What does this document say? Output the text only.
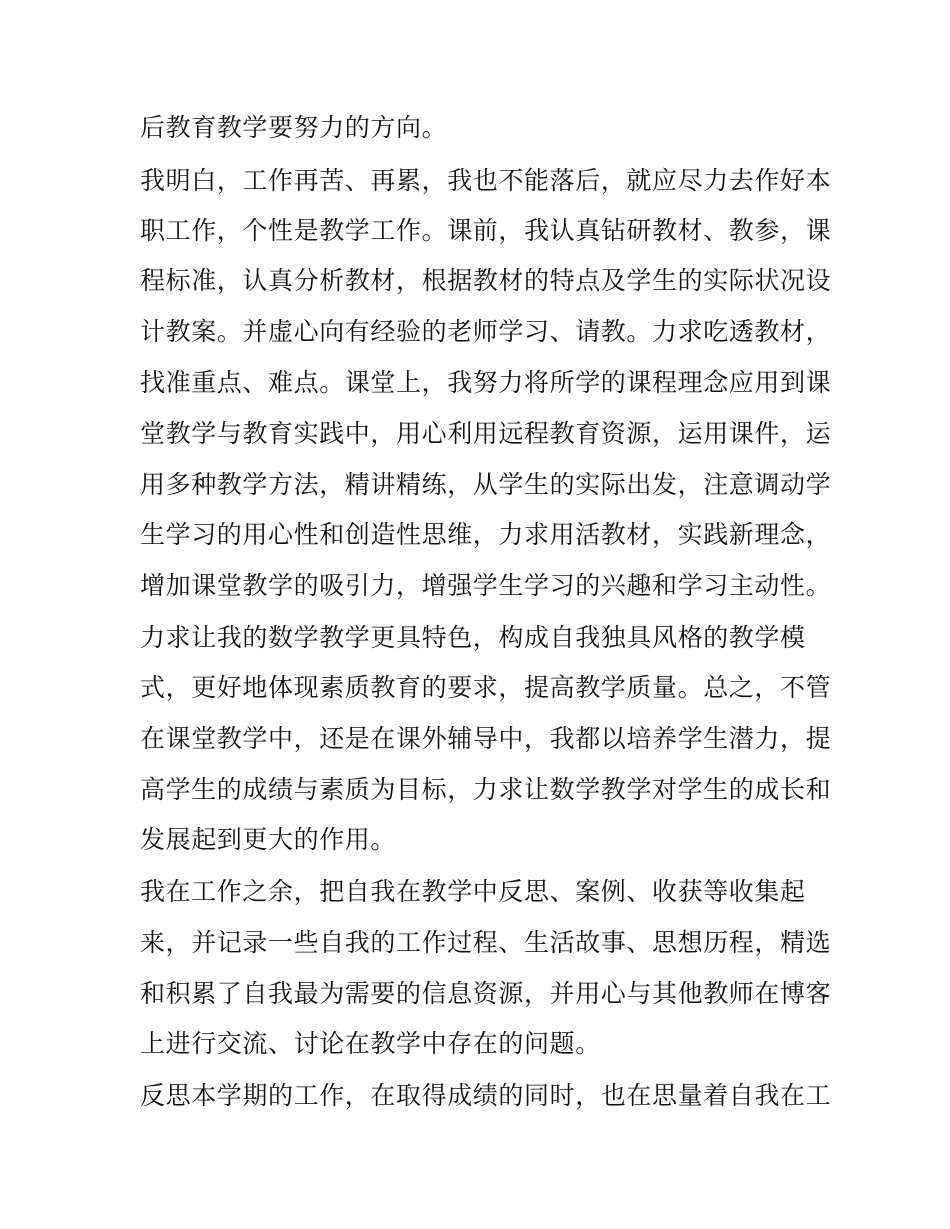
后教育教学要努力的方向。

我明白，工作再苦、再累，我也不能落后，就应尽力去作好本

职工作，个性是教学工作。课前，我认真钻研教材、教参，课

程标准，认真分析教材，根据教材的特点及学生的实际状况设

计教案。并虚心向有经验的老师学习、请教。力求吃透教材，

找准重点、难点。课堂上，我努力将所学的课程理念应用到课

堂教学与教育实践中，用心利用远程教育资源，运用课件，运

用多种教学方法，精讲精练，从学生的实际出发，注意调动学

生学习的用心性和创造性思维，力求用活教材，实践新理念，

增加课堂教学的吸引力，增强学生学习的兴趣和学习主动性。

力求让我的数学教学更具特色，构成自我独具风格的教学模

式，更好地体现素质教育的要求，提高教学质量。总之，不管

在课堂教学中，还是在课外辅导中，我都以培养学生潜力，提

高学生的成绩与素质为目标，力求让数学教学对学生的成长和

发展起到更大的作用。

我在工作之余，把自我在教学中反思、案例、收获等收集起

来，并记录一些自我的工作过程、生活故事、思想历程，精选

和积累了自我最为需要的信息资源，并用心与其他教师在博客

上进行交流、讨论在教学中存在的问题。

反思本学期的工作，在取得成绩的同时，也在思量着自我在工
